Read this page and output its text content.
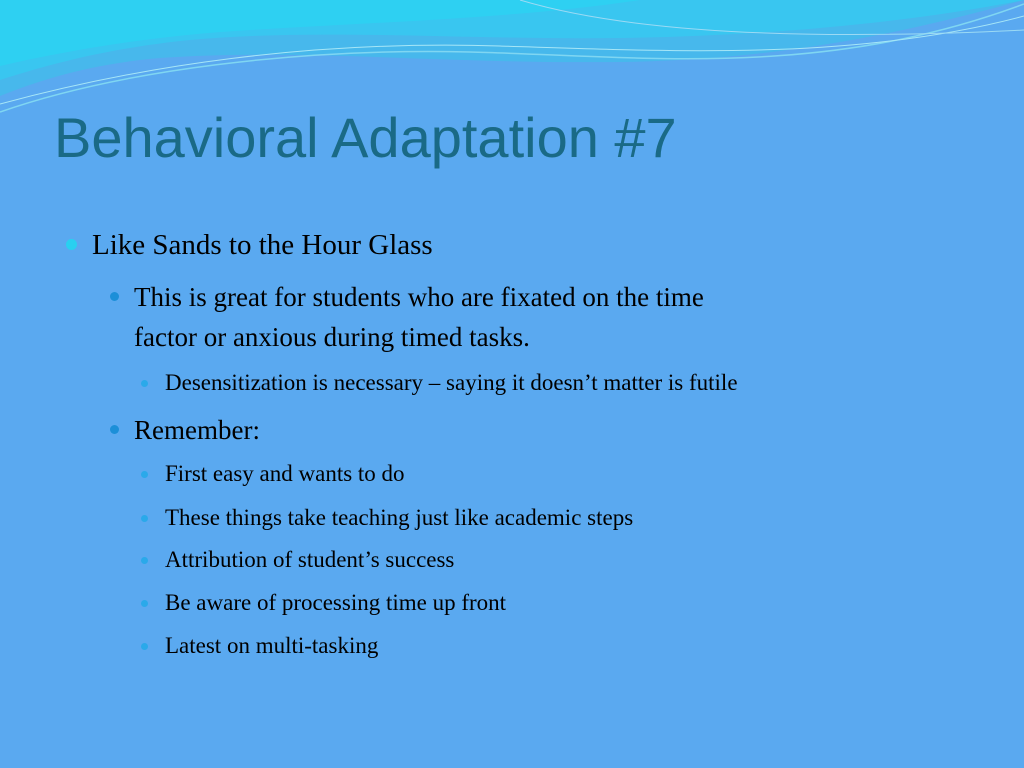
Behavioral Adaptation #7
Like Sands to the Hour Glass
This is great for students who are fixated on the time
factor or anxious during timed tasks.
Desensitization is necessary – saying it doesn’t matter is futile
Remember:
First easy and wants to do
These things take teaching just like academic steps
Attribution of student’s success
Be aware of processing time up front
Latest on multi-tasking
